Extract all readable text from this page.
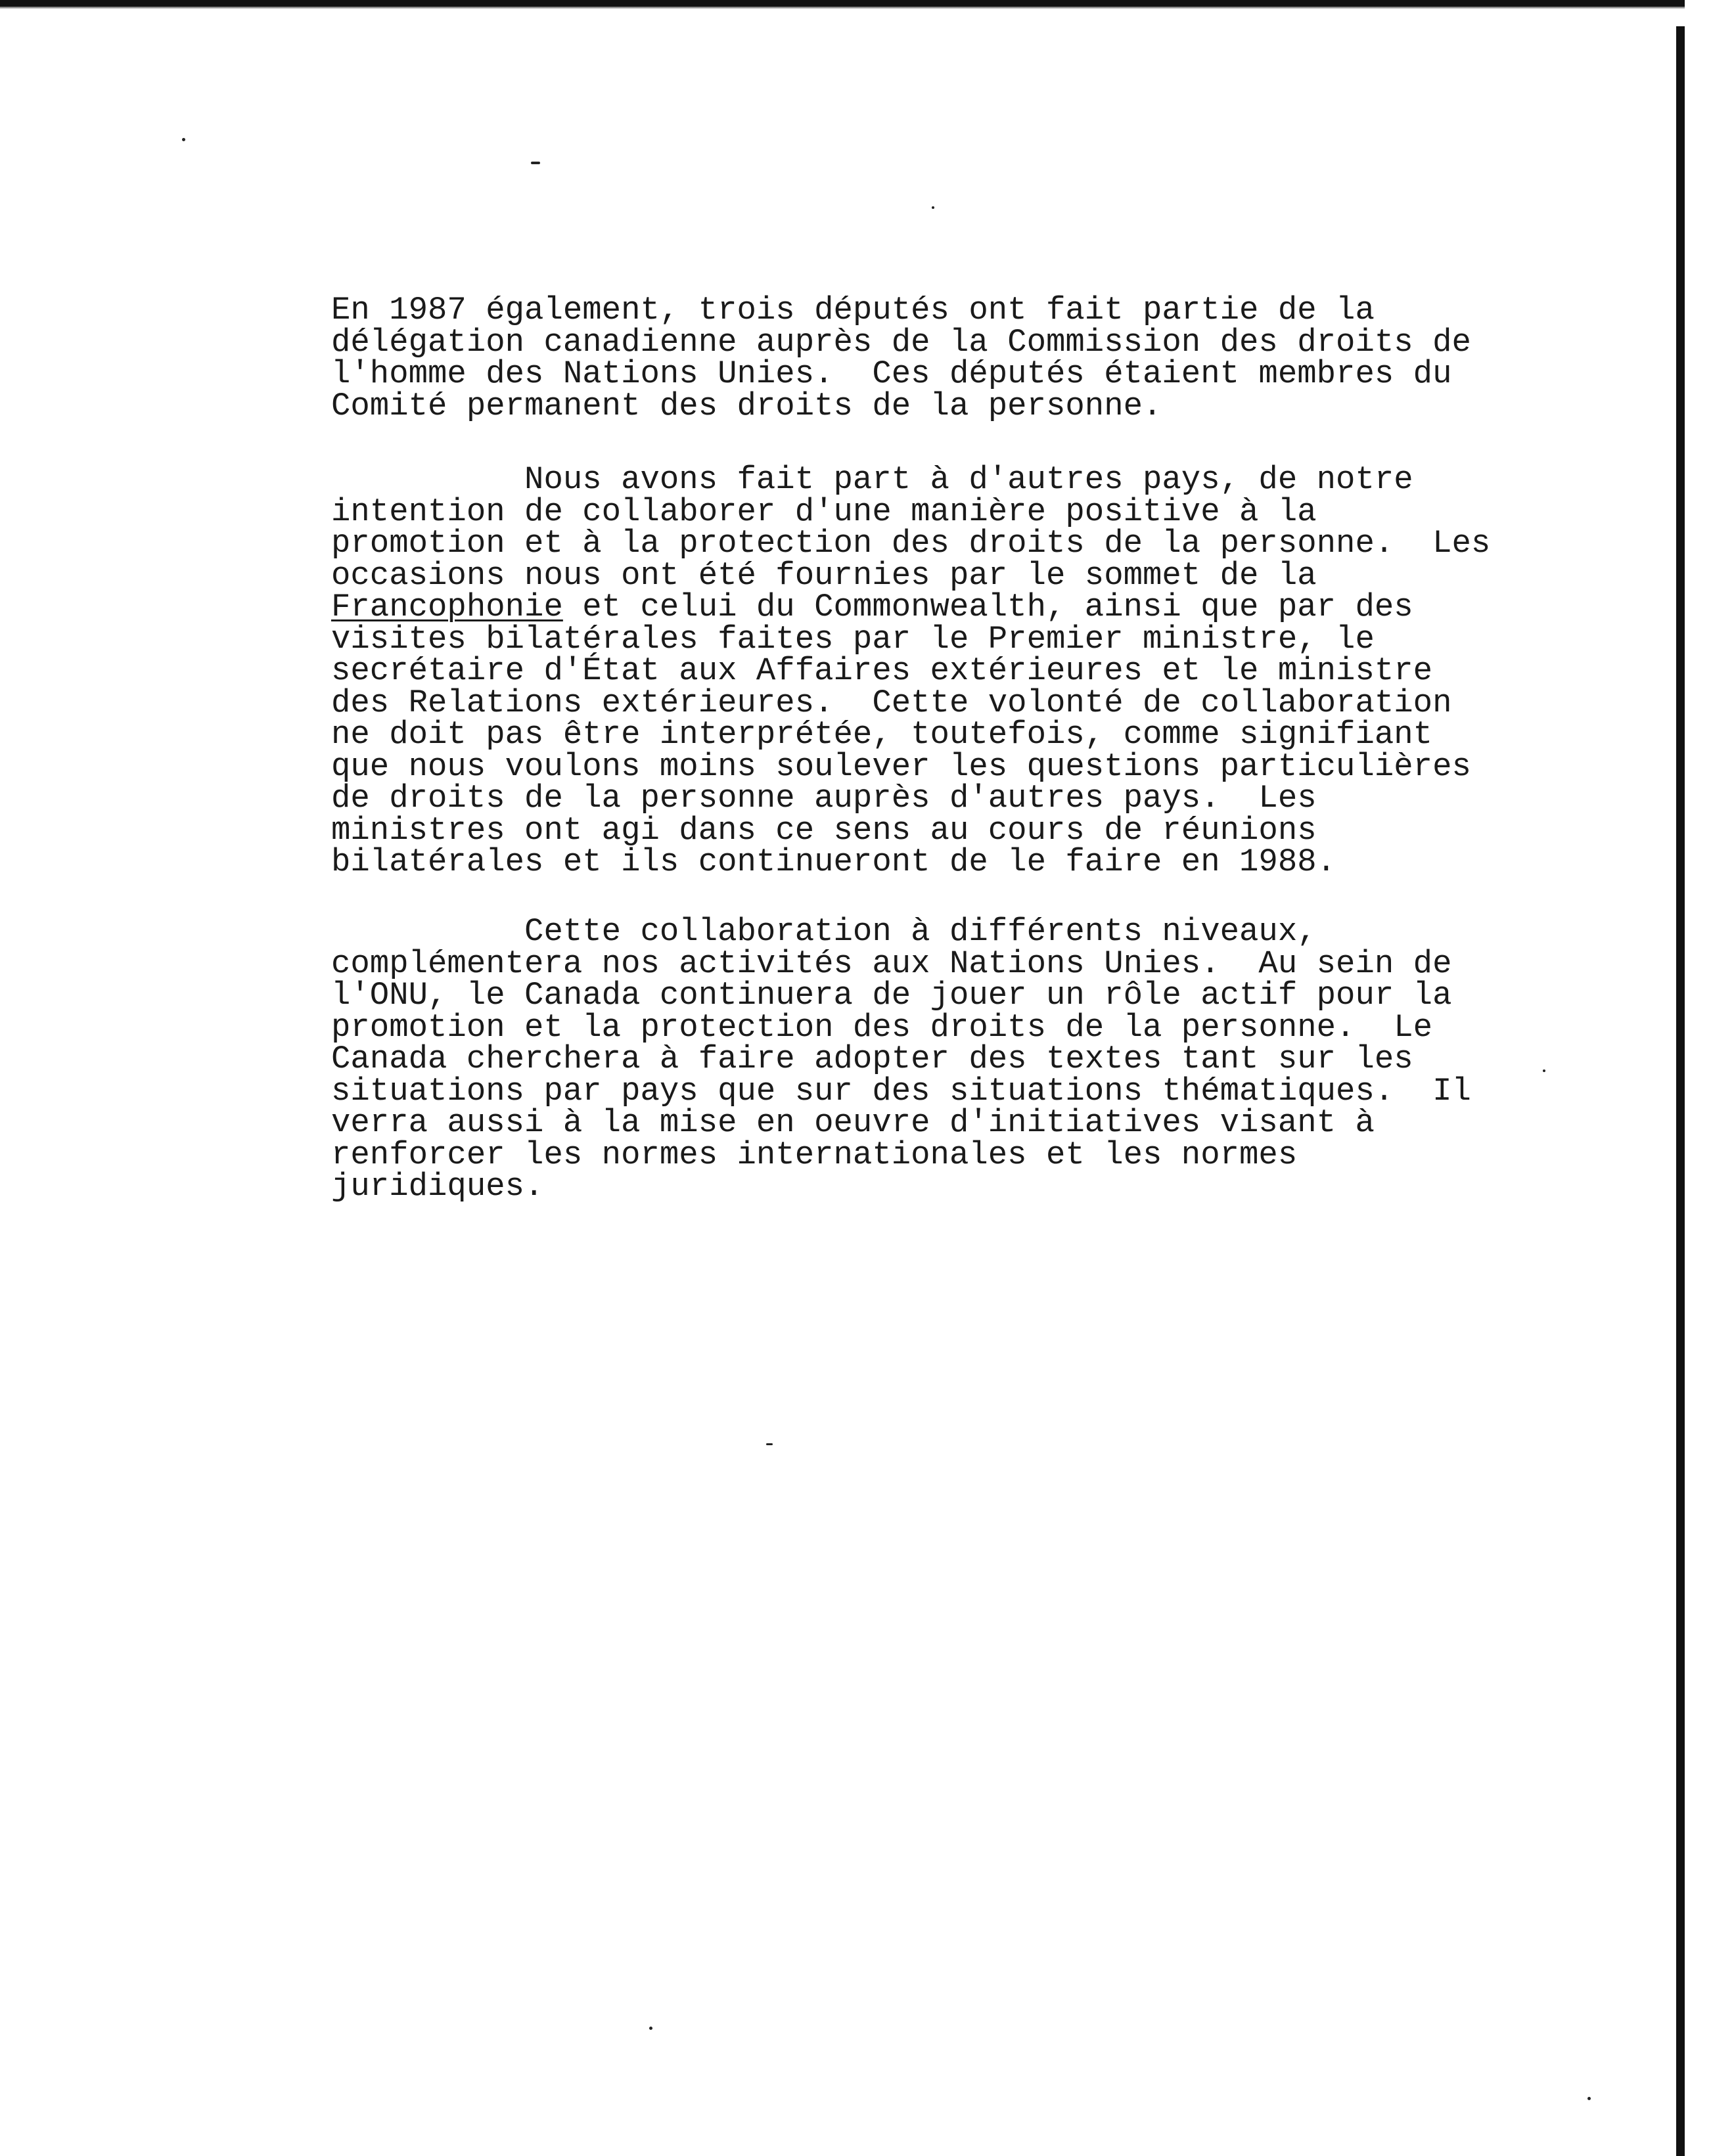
En 1987 également, trois députés ont fait partie de la
délégation canadienne auprès de la Commission des droits de
l'homme des Nations Unies.  Ces députés étaient membres du
Comité permanent des droits de la personne.
Nous avons fait part à d'autres pays, de notre
intention de collaborer d'une manière positive à la
promotion et à la protection des droits de la personne.  Les
occasions nous ont été fournies par le sommet de la
Francophonie et celui du Commonwealth, ainsi que par des
visites bilatérales faites par le Premier ministre, le
secrétaire d'État aux Affaires extérieures et le ministre
des Relations extérieures.  Cette volonté de collaboration
ne doit pas être interprétée, toutefois, comme signifiant
que nous voulons moins soulever les questions particulières
de droits de la personne auprès d'autres pays.  Les
ministres ont agi dans ce sens au cours de réunions
bilatérales et ils continueront de le faire en 1988.
Cette collaboration à différents niveaux,
complémentera nos activités aux Nations Unies.  Au sein de
l'ONU, le Canada continuera de jouer un rôle actif pour la
promotion et la protection des droits de la personne.  Le
Canada cherchera à faire adopter des textes tant sur les
situations par pays que sur des situations thématiques.  Il
verra aussi à la mise en oeuvre d'initiatives visant à
renforcer les normes internationales et les normes
juridiques.
